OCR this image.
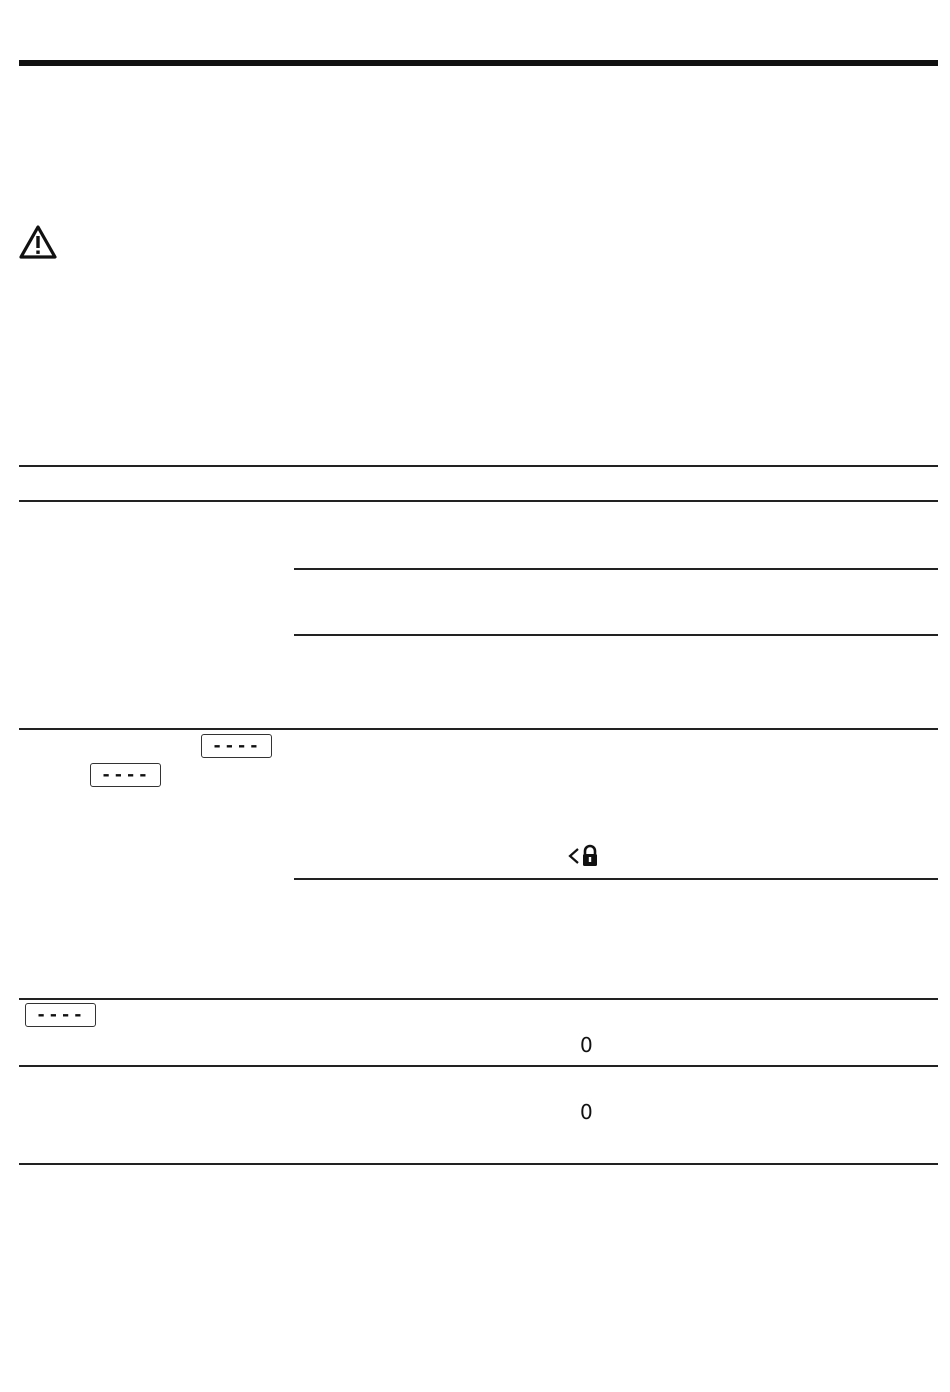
----
----
----
0
0
